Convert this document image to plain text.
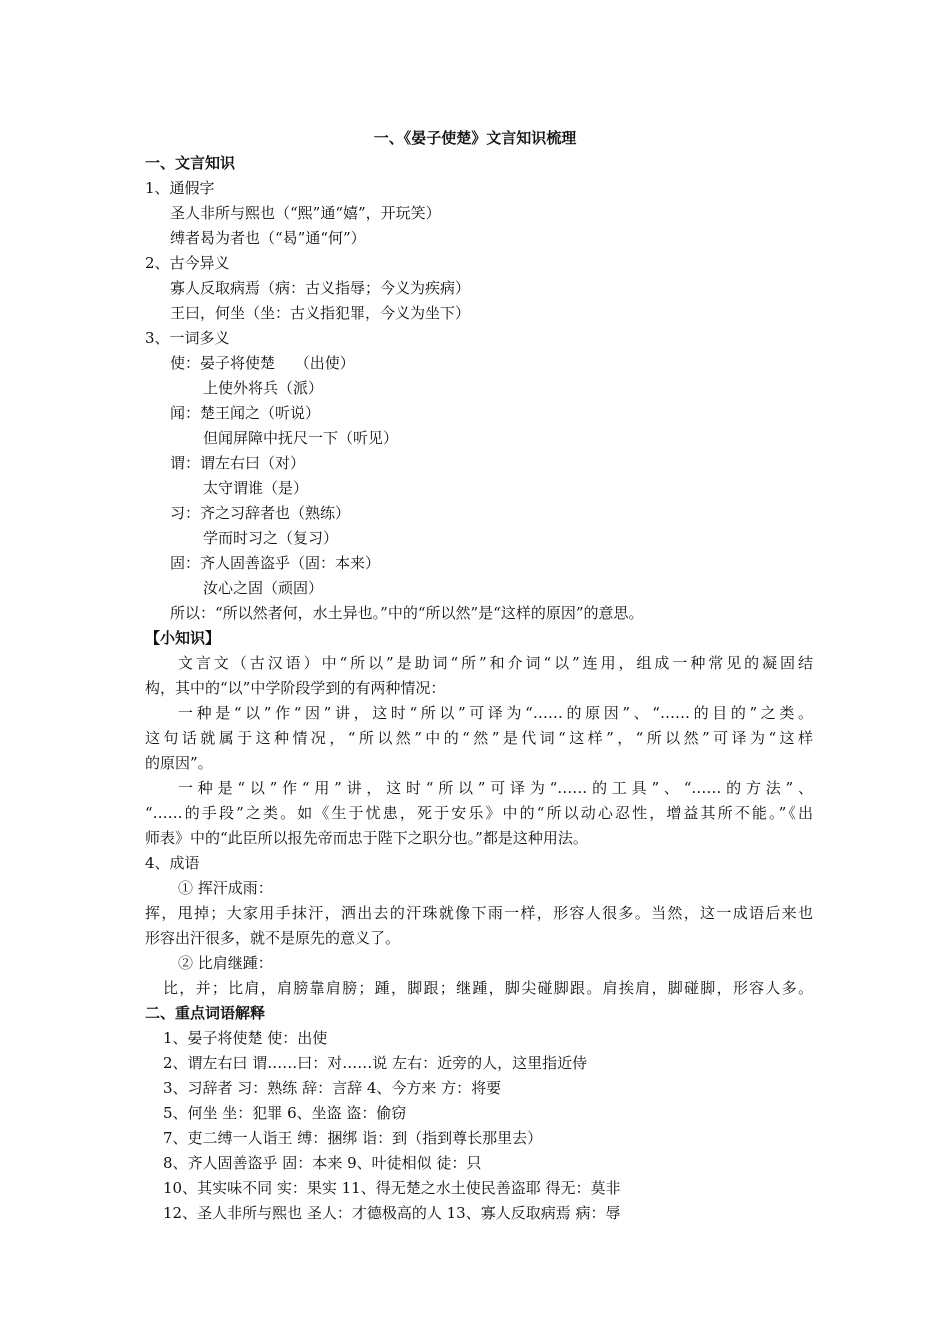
一、《晏子使楚》文言知识梳理
一、文言知识
1、通假字
圣人非所与熙也（“熙”通“嬉”，开玩笑）
缚者曷为者也（“曷”通“何”）
2、古今异义
寡人反取病焉（病：古义指辱；今义为疾病）
王曰，何坐（坐：古义指犯罪，今义为坐下）
3、一词多义
使：晏子将使楚　 （出使）
上使外将兵（派）
闻：楚王闻之（听说）
但闻屏障中抚尺一下（听见）
谓：谓左右曰（对）
太守谓谁（是）
习：齐之习辞者也（熟练）
学而时习之（复习）
固：齐人固善盗乎（固：本来）
汝心之固（顽固）
所以：“所以然者何，水土异也。”中的“所以然”是“这样的原因”的意思。
【小知识】
文言文（古汉语）中“所以”是助词“所”和介词“以”连用，组成一种常见的凝固结
构，其中的“以”中学阶段学到的有两种情况：
一种是“以”作“因”讲，这时“所以”可译为“……的原因”、“……的目的”之类。
这句话就属于这种情况，“所以然”中的“然”是代词“这样”，“所以然”可译为“这样
的原因”。
一种是“以”作“用”讲，这时“所以”可译为“……的工具”、“……的方法”、
“……的手段”之类。如《生于忧患，死于安乐》中的“所以动心忍性，增益其所不能。”《出
师表》中的“此臣所以报先帝而忠于陛下之职分也。”都是这种用法。
4、成语
① 挥汗成雨：
挥，甩掉；大家用手抹汗，洒出去的汗珠就像下雨一样，形容人很多。当然，这一成语后来也
形容出汗很多，就不是原先的意义了。
② 比肩继踵：
比，并；比肩，肩膀靠肩膀；踵，脚跟；继踵，脚尖碰脚跟。肩挨肩，脚碰脚，形容人多。
二、重点词语解释
1、晏子将使楚 使：出使
2、谓左右曰 谓……曰：对……说 左右：近旁的人，这里指近侍
3、习辞者 习：熟练 辞：言辞 4、今方来 方：将要
5、何坐 坐：犯罪 6、坐盗 盗：偷窃
7、吏二缚一人诣王 缚：捆绑 诣：到（指到尊长那里去）
8、齐人固善盗乎 固：本来 9、叶徒相似 徒：只
10、其实味不同 实：果实 11、得无楚之水土使民善盗耶 得无：莫非
12、圣人非所与熙也 圣人：才德极高的人 13、寡人反取病焉 病：辱
